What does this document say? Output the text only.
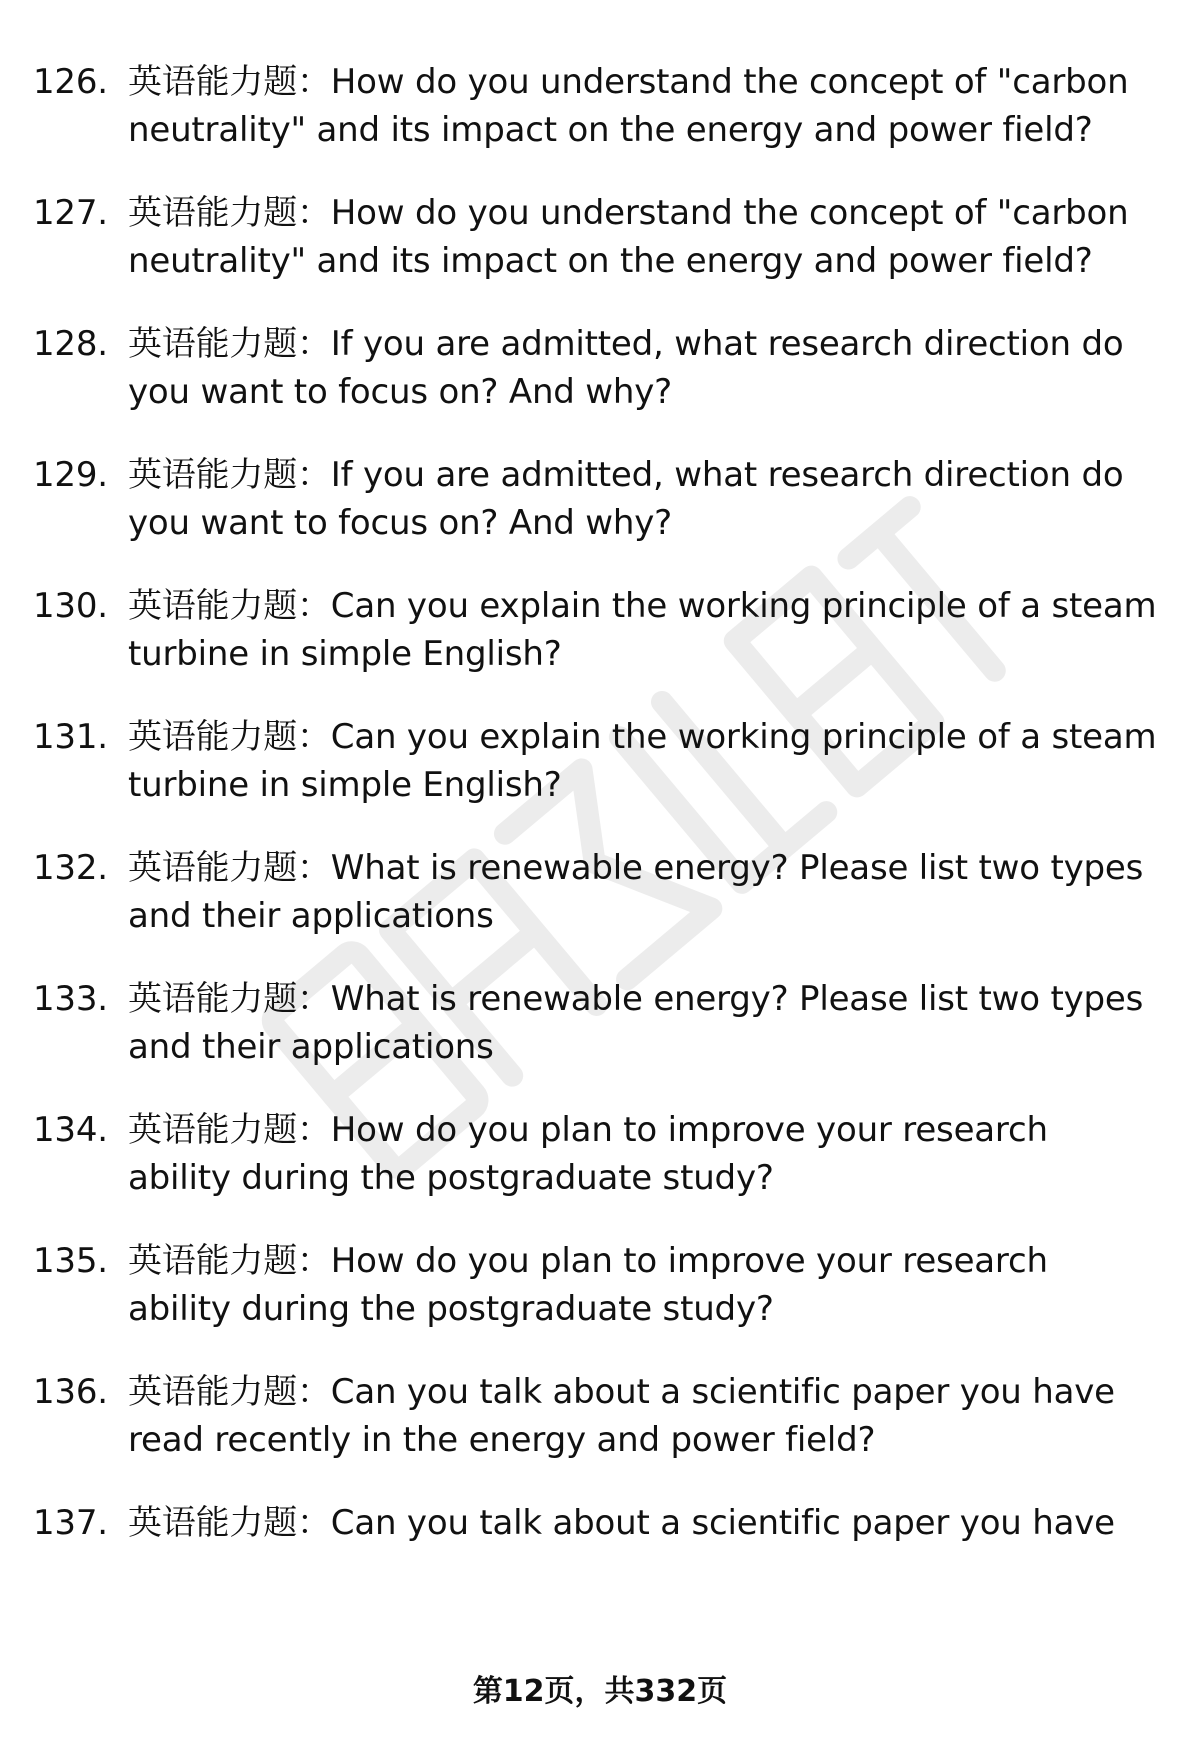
126. 英语能力题：How do you understand the concept of "carbon neutrality" and its impact on the energy and power field?
127. 英语能力题：How do you understand the concept of "carbon neutrality" and its impact on the energy and power field?
128. 英语能力题：If you are admitted, what research direction do you want to focus on? And why?
129. 英语能力题：If you are admitted, what research direction do you want to focus on? And why?
130. 英语能力题：Can you explain the working principle of a steam turbine in simple English?
131. 英语能力题：Can you explain the working principle of a steam turbine in simple English?
132. 英语能力题：What is renewable energy? Please list two types and their applications
133. 英语能力题：What is renewable energy? Please list two types and their applications
134. 英语能力题：How do you plan to improve your research ability during the postgraduate study?
135. 英语能力题：How do you plan to improve your research ability during the postgraduate study?
136. 英语能力题：Can you talk about a scientific paper you have read recently in the energy and power field?
137. 英语能力题：Can you talk about a scientific paper you have
第12页，共332页
